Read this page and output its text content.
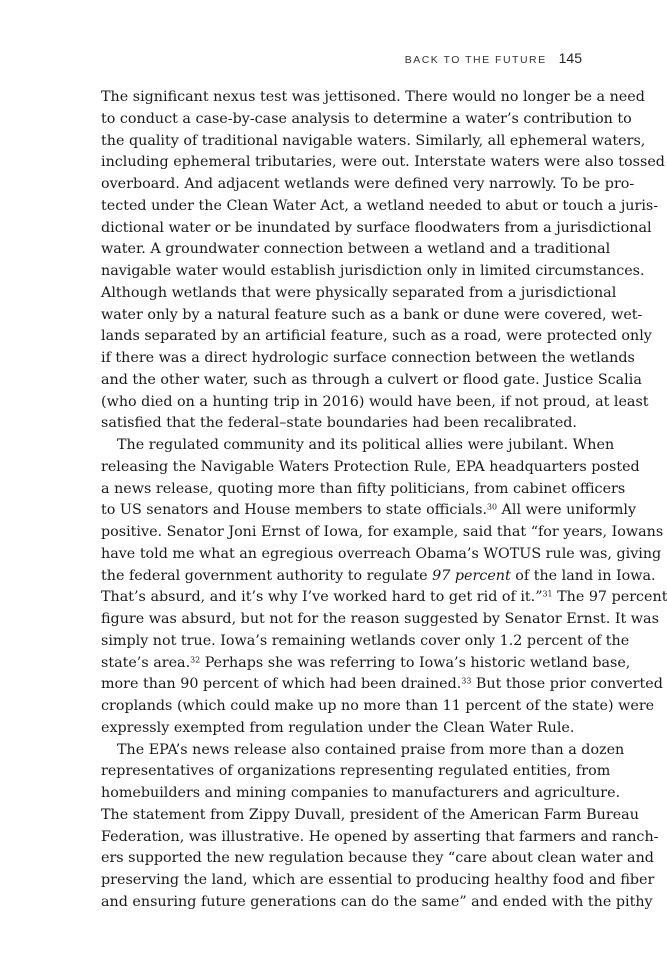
BACK TO THE FUTURE 145
The significant nexus test was jettisoned. There would no longer be a need
to conduct a case-by-case analysis to determine a water’s contribution to
the quality of traditional navigable waters. Similarly, all ephemeral waters,
including ephemeral tributaries, were out. Interstate waters were also tossed
overboard. And adjacent wetlands were defined very narrowly. To be pro-
tected under the Clean Water Act, a wetland needed to abut or touch a juris-
dictional water or be inundated by surface floodwaters from a jurisdictional
water. A groundwater connection between a wetland and a traditional
navigable water would establish jurisdiction only in limited circumstances.
Although wetlands that were physically separated from a jurisdictional
water only by a natural feature such as a bank or dune were covered, wet-
lands separated by an artificial feature, such as a road, were protected only
if there was a direct hydrologic surface connection between the wetlands
and the other water, such as through a culvert or flood gate. Justice Scalia
(who died on a hunting trip in 2016) would have been, if not proud, at least
satisfied that the federal–state boundaries had been recalibrated.
The regulated community and its political allies were jubilant. When
releasing the Navigable Waters Protection Rule, EPA headquarters posted
a news release, quoting more than fifty politicians, from cabinet officers
to US senators and House members to state officials.$^{30}$ All were uniformly
positive. Senator Joni Ernst of Iowa, for example, said that “for years, Iowans
have told me what an egregious overreach Obama’s WOTUS rule was, giving
the federal government authority to regulate 97 percent of the land in Iowa.
That’s absurd, and it’s why I’ve worked hard to get rid of it.”$^{31}$ The 97 percent
figure was absurd, but not for the reason suggested by Senator Ernst. It was
simply not true. Iowa’s remaining wetlands cover only 1.2 percent of the
state’s area.$^{32}$ Perhaps she was referring to Iowa’s historic wetland base,
more than 90 percent of which had been drained.$^{33}$ But those prior converted
croplands (which could make up no more than 11 percent of the state) were
expressly exempted from regulation under the Clean Water Rule.
The EPA’s news release also contained praise from more than a dozen
representatives of organizations representing regulated entities, from
homebuilders and mining companies to manufacturers and agriculture.
The statement from Zippy Duvall, president of the American Farm Bureau
Federation, was illustrative. He opened by asserting that farmers and ranch-
ers supported the new regulation because they “care about clean water and
preserving the land, which are essential to producing healthy food and fiber
and ensuring future generations can do the same” and ended with the pithy
